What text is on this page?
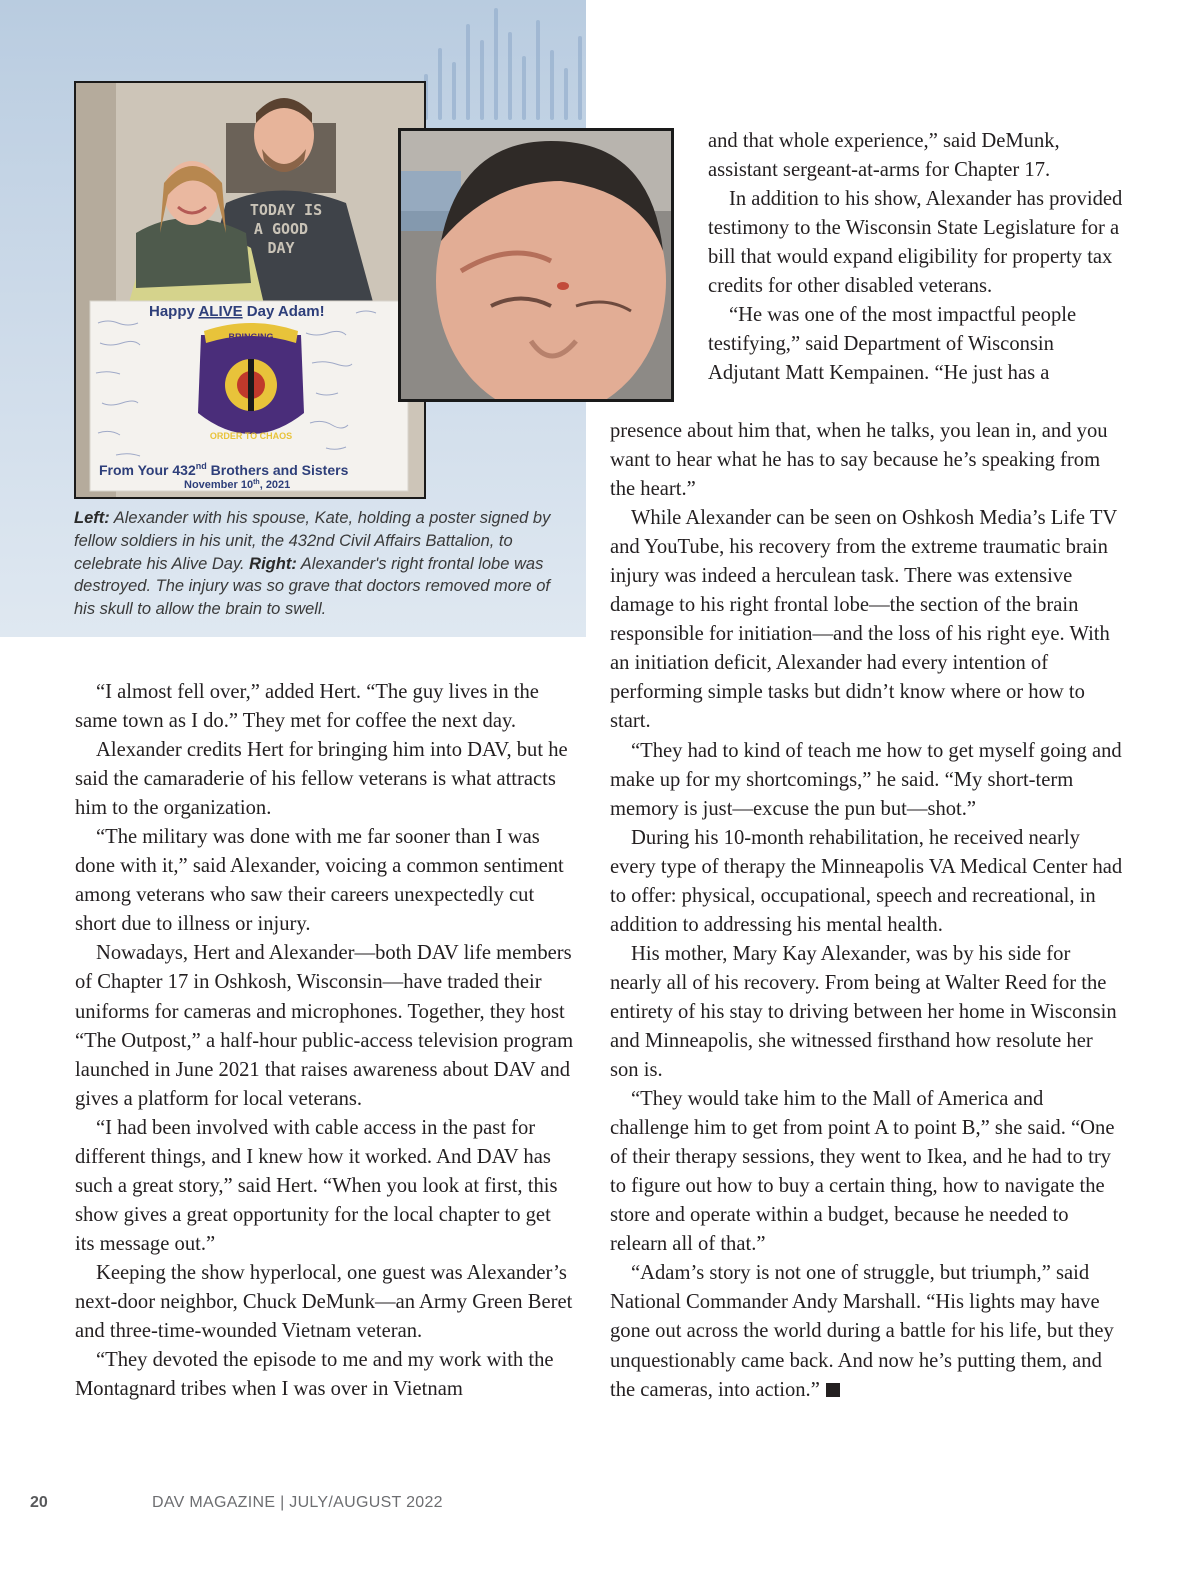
TODAY IS A GOOD DAY
Happy ALIVE Day Adam!
BRINGING
ORDER TO CHAOS
From Your 432nd Brothers and Sisters
November 10th, 2021
Left: Alexander with his spouse, Kate, holding a poster signed by fellow soldiers in his unit, the 432nd Civil Affairs Battalion, to celebrate his Alive Day. Right: Alexander's right frontal lobe was destroyed. The injury was so grave that doctors removed more of his skull to allow the brain to swell.

and that whole experience,” said DeMunk, assistant sergeant-at-arms for Chapter 17.

In addition to his show, Alexander has provided testimony to the Wisconsin State Legislature for a bill that would expand eligibility for property tax credits for other disabled veterans.

“He was one of the most impactful people testifying,” said Department of Wisconsin Adjutant Matt Kempainen. “He just has a

presence about him that, when he talks, you lean in, and you want to hear what he has to say because he’s speaking from the heart.”

While Alexander can be seen on Oshkosh Media’s Life TV and YouTube, his recovery from the extreme traumatic brain injury was indeed a herculean task. There was extensive damage to his right frontal lobe—the section of the brain responsible for initiation—and the loss of his right eye. With an initiation deficit, Alexander had every intention of performing simple tasks but didn’t know where or how to start.

“They had to kind of teach me how to get myself going and make up for my shortcomings,” he said. “My short-term memory is just—excuse the pun but—shot.”

During his 10-month rehabilitation, he received nearly every type of therapy the Minneapolis VA Medical Center had to offer: physical, occupational, speech and recreational, in addition to addressing his mental health.

His mother, Mary Kay Alexander, was by his side for nearly all of his recovery. From being at Walter Reed for the entirety of his stay to driving between her home in Wisconsin and Minneapolis, she witnessed firsthand how resolute her son is.

“They would take him to the Mall of America and challenge him to get from point A to point B,” she said. “One of their therapy sessions, they went to Ikea, and he had to try to figure out how to buy a certain thing, how to navigate the store and operate within a budget, because he needed to relearn all of that.”

“Adam’s story is not one of struggle, but triumph,” said National Commander Andy Marshall. “His lights may have gone out across the world during a battle for his life, but they unquestionably came back. And now he’s putting them, and the cameras, into action.”

“I almost fell over,” added Hert. “The guy lives in the same town as I do.” They met for coffee the next day.

Alexander credits Hert for bringing him into DAV, but he said the camaraderie of his fellow veterans is what attracts him to the organization.

“The military was done with me far sooner than I was done with it,” said Alexander, voicing a common sentiment among veterans who saw their careers unexpectedly cut short due to illness or injury.

Nowadays, Hert and Alexander—both DAV life members of Chapter 17 in Oshkosh, Wisconsin—have traded their uniforms for cameras and microphones. Together, they host “The Outpost,” a half-hour public-access television program launched in June 2021 that raises awareness about DAV and gives a platform for local veterans.

“I had been involved with cable access in the past for different things, and I knew how it worked. And DAV has such a great story,” said Hert. “When you look at first, this show gives a great opportunity for the local chapter to get its message out.”

Keeping the show hyperlocal, one guest was Alexander’s next-door neighbor, Chuck DeMunk—an Army Green Beret and three-time-wounded Vietnam veteran.

“They devoted the episode to me and my work with the Montagnard tribes when I was over in Vietnam

20	DAV MAGAZINE | JULY/AUGUST 2022
